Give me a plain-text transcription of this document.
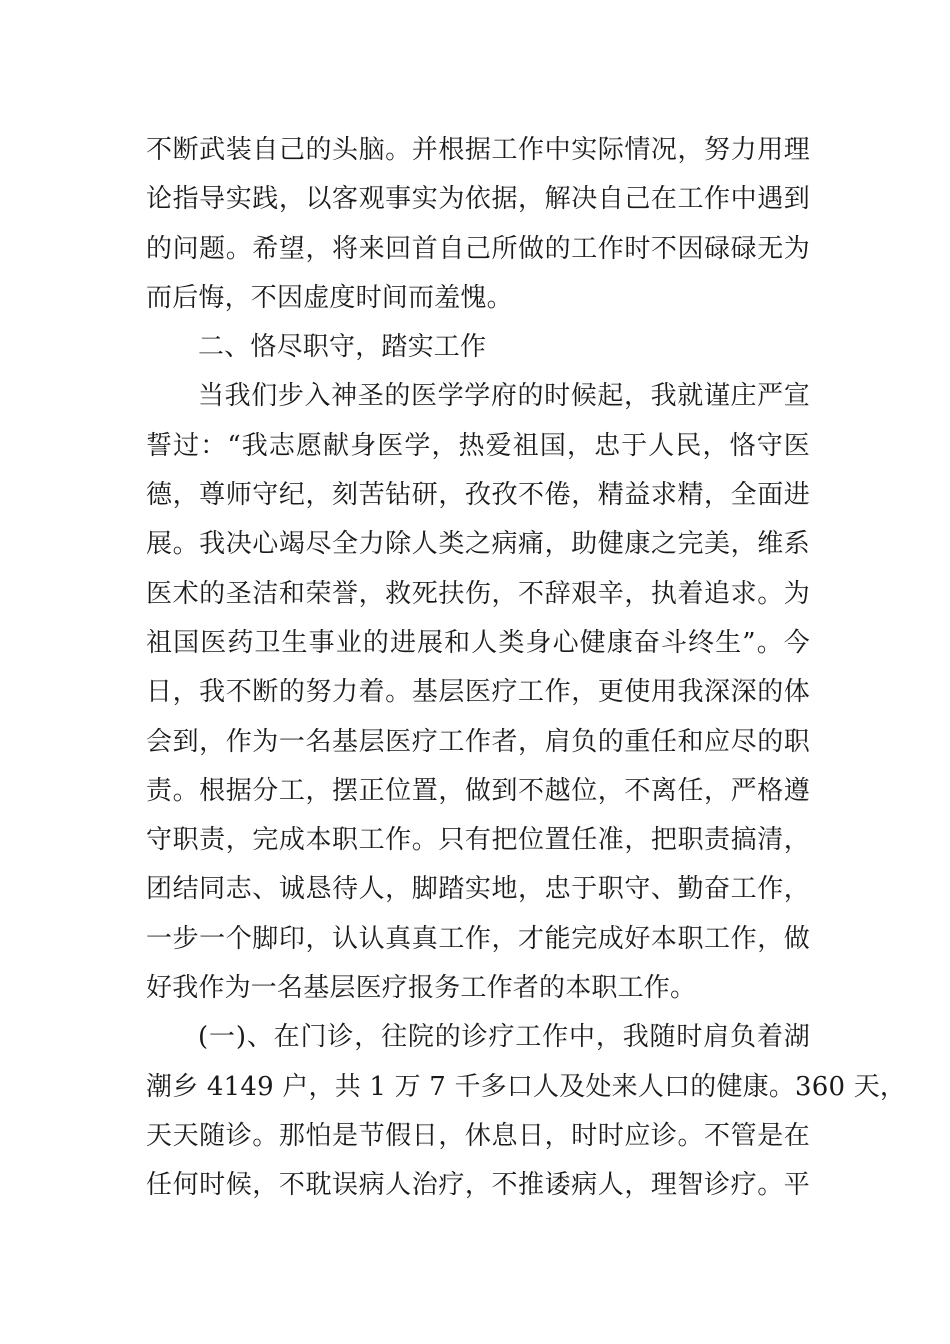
不断武装自己的头脑。并根据工作中实际情况，努力用理
论指导实践，以客观事实为依据，解决自己在工作中遇到
的问题。希望，将来回首自己所做的工作时不因碌碌无为
而后悔，不因虚度时间而羞愧。
二、恪尽职守，踏实工作
当我们步入神圣的医学学府的时候起，我就谨庄严宣
誓过：“我志愿献身医学，热爱祖国，忠于人民，恪守医
德，尊师守纪，刻苦钻研，孜孜不倦，精益求精，全面进
展。我决心竭尽全力除人类之病痛，助健康之完美，维系
医术的圣洁和荣誉，救死扶伤，不辞艰辛，执着追求。为
祖国医药卫生事业的进展和人类身心健康奋斗终生”。今
日，我不断的努力着。基层医疗工作，更使用我深深的体
会到，作为一名基层医疗工作者，肩负的重任和应尽的职
责。根据分工，摆正位置，做到不越位，不离任，严格遵
守职责，完成本职工作。只有把位置任准，把职责搞清，
团结同志、诚恳待人，脚踏实地，忠于职守、勤奋工作，
一步一个脚印，认认真真工作，才能完成好本职工作，做
好我作为一名基层医疗报务工作者的本职工作。
(一)、在门诊，往院的诊疗工作中，我随时肩负着湖
潮乡 4149 户，共 1 万 7 千多口人及处来人口的健康。360 天，
天天随诊。那怕是节假日，休息日，时时应诊。不管是在
任何时候，不耽误病人治疗，不推诿病人，理智诊疗。平
